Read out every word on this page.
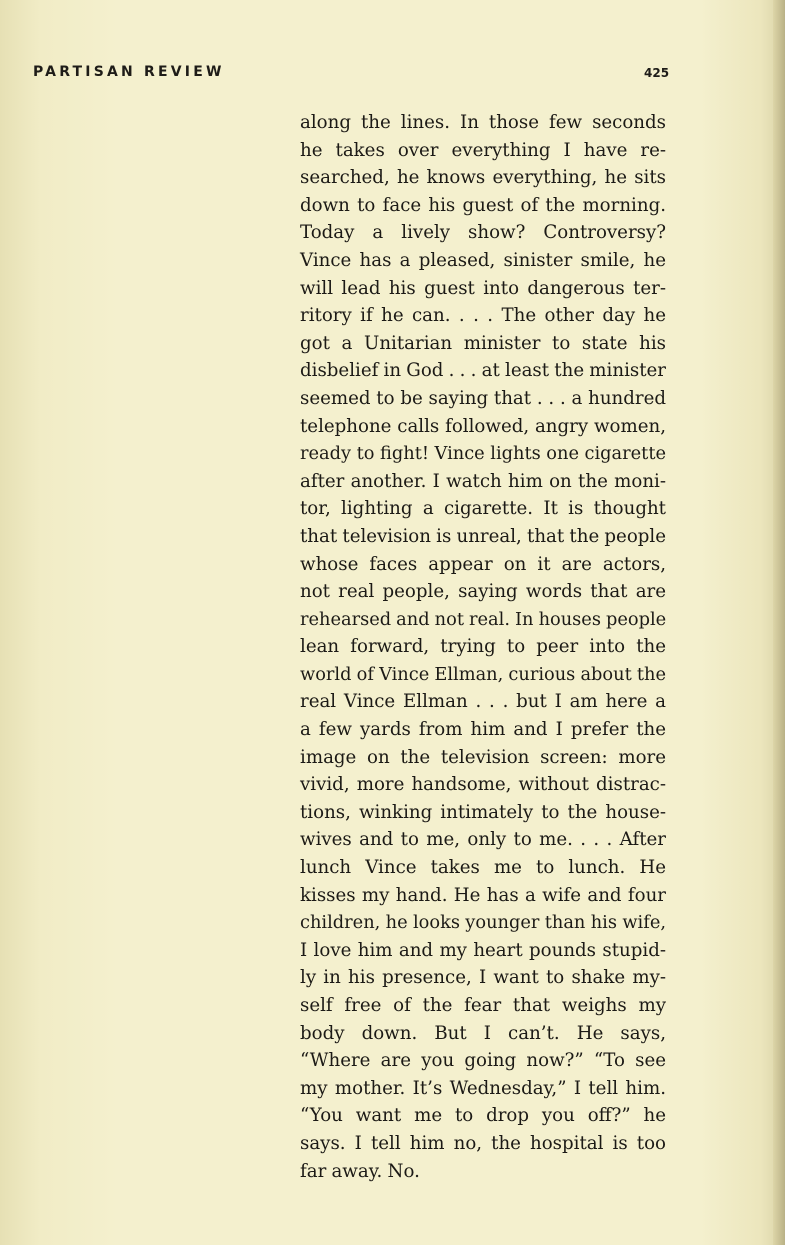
PARTISAN REVIEW	425
along the lines. In those few seconds
he takes over everything I have re-
searched, he knows everything, he sits
down to face his guest of the morning.
Today a lively show? Controversy?
Vince has a pleased, sinister smile, he
will lead his guest into dangerous ter-
ritory if he can. . . . The other day he
got a Unitarian minister to state his
disbelief in God . . . at least the minister
seemed to be saying that . . . a hundred
telephone calls followed, angry women,
ready to fight! Vince lights one cigarette
after another. I watch him on the moni-
tor, lighting a cigarette. It is thought
that television is unreal, that the people
whose faces appear on it are actors,
not real people, saying words that are
rehearsed and not real. In houses people
lean forward, trying to peer into the
world of Vince Ellman, curious about the
real Vince Ellman . . . but I am here a
a few yards from him and I prefer the
image on the television screen: more
vivid, more handsome, without distrac-
tions, winking intimately to the house-
wives and to me, only to me. . . . After
lunch Vince takes me to lunch. He
kisses my hand. He has a wife and four
children, he looks younger than his wife,
I love him and my heart pounds stupid-
ly in his presence, I want to shake my-
self free of the fear that weighs my
body down. But I can’t. He says,
“Where are you going now?” “To see
my mother. It’s Wednesday,” I tell him.
“You want me to drop you off?” he
says. I tell him no, the hospital is too
far away. No.
